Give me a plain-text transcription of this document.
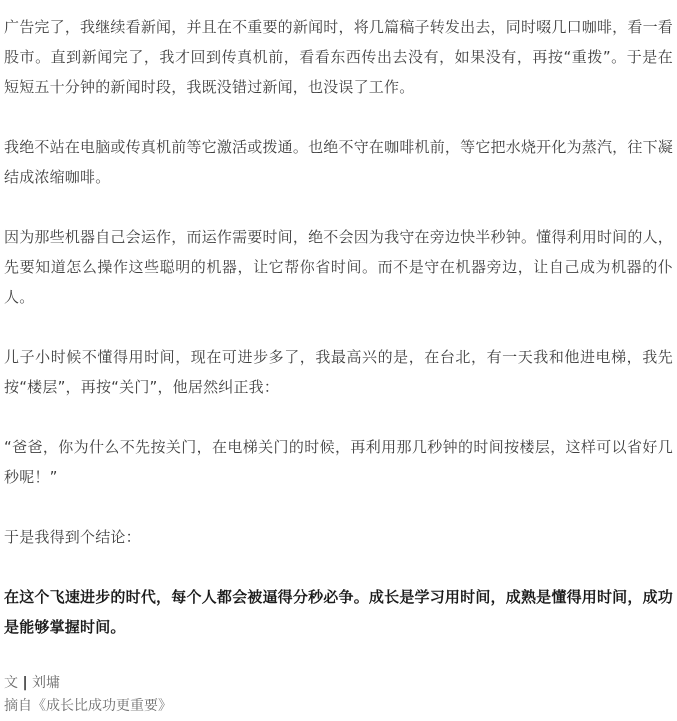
广告完了，我继续看新闻，并且在不重要的新闻时，将几篇稿子转发出去，同时啜几口咖啡，看一看股市。直到新闻完了，我才回到传真机前，看看东西传出去没有，如果没有，再按“重拨”。于是在短短五十分钟的新闻时段，我既没错过新闻，也没误了工作。

我绝不站在电脑或传真机前等它激活或拨通。也绝不守在咖啡机前，等它把水烧开化为蒸汽，往下凝结成浓缩咖啡。

因为那些机器自己会运作，而运作需要时间，绝不会因为我守在旁边快半秒钟。懂得利用时间的人，先要知道怎么操作这些聪明的机器，让它帮你省时间。而不是守在机器旁边，让自己成为机器的仆人。

儿子小时候不懂得用时间，现在可进步多了，我最高兴的是，在台北，有一天我和他进电梯，我先按“楼层”，再按“关门”，他居然纠正我：

“爸爸，你为什么不先按关门，在电梯关门的时候，再利用那几秒钟的时间按楼层，这样可以省好几秒呢！”

于是我得到个结论：

在这个飞速进步的时代，每个人都会被逼得分秒必争。成长是学习用时间，成熟是懂得用时间，成功是能够掌握时间。

文 | 刘墉

摘自《成长比成功更重要》
